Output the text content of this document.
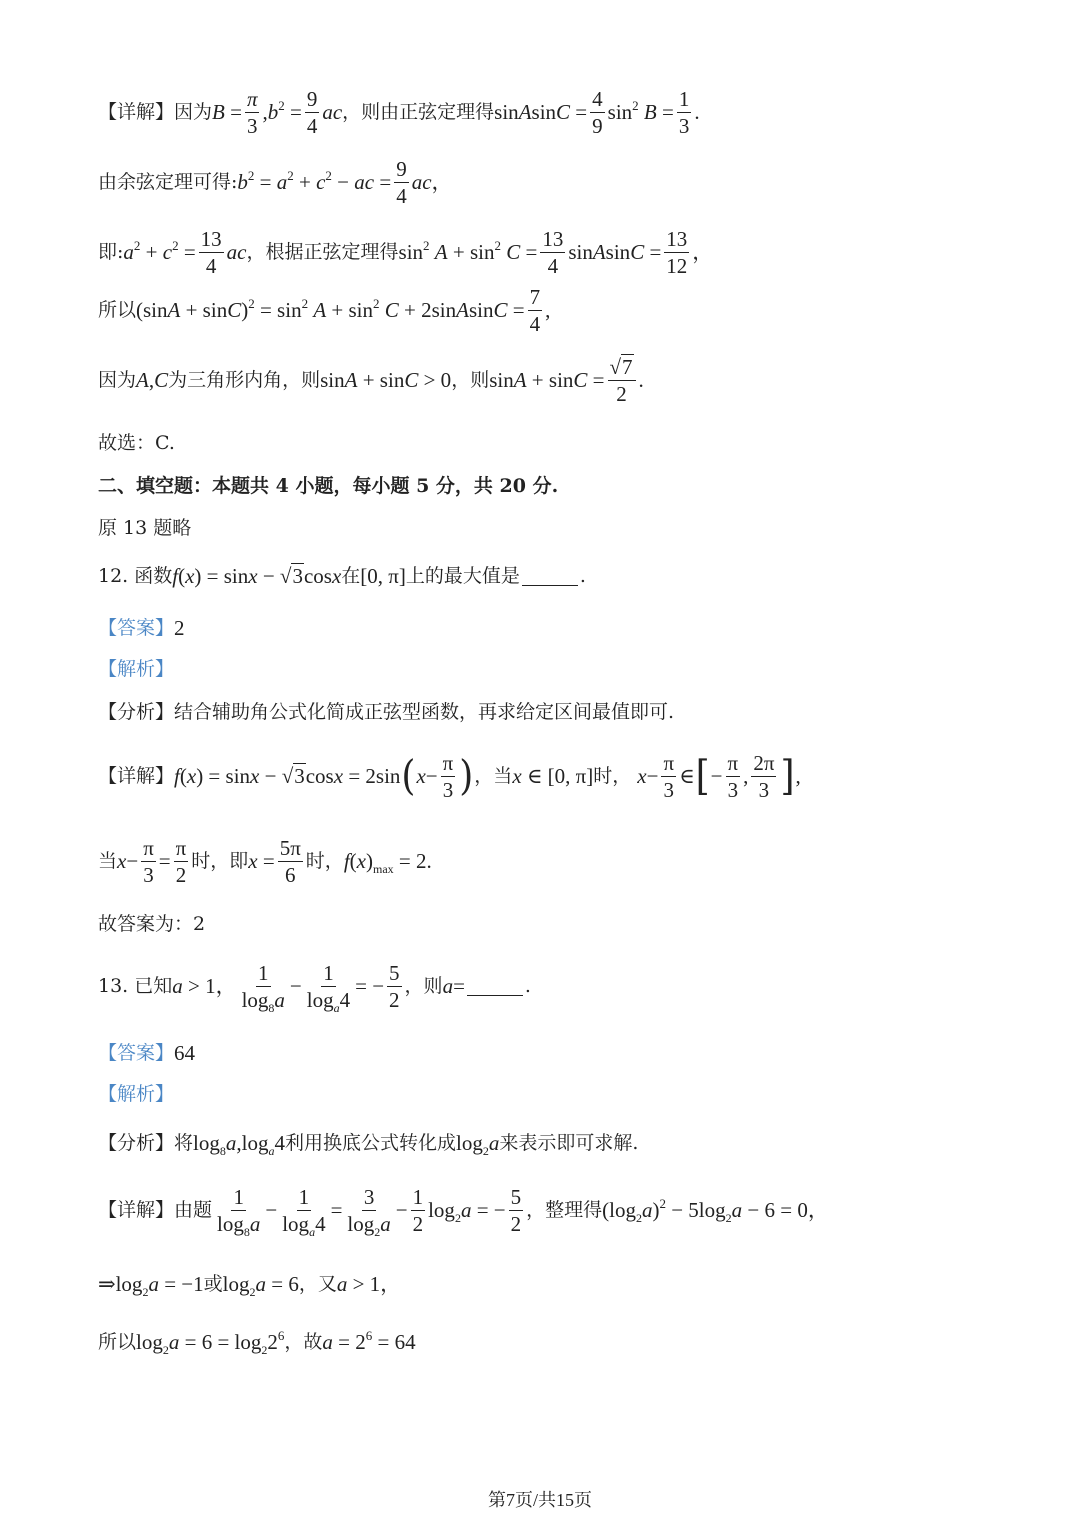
【详解】 因为 $B = \frac{\pi}{3} ,b^2 = \frac{9}{4}$ ac ，则由正弦定理得 sinAsinC = $\frac{4}{9} \sin^2 B = \frac{1}{3}$ .
由余弦定理可得: $b^2 = a^2 + c^2$ − ac = $\frac{9}{4}$ ac ，
即: $a^2 + c^2 = \frac{13}{4}$ ac ，根据正弦定理得 $\sin^2 A + \sin^2 C = \frac{13}{4}$ sinAsinC = $\frac{13}{12}$ ，
所以 $(\sin A + \sin C)^2 = \sin^2 A + \sin^2 C$ + 2sinAsinC = $\frac{7}{4}$ ,
因为 A , C 为三角形内角，则 sinA + sinC > 0 ，则 $\sin A + \sin C = \frac{√7}{2}$ .
故选：C.
二、填空题：本题共 4 小题，每小题 5 分，共 20 分.
原 13 题略
12. 函数 f(x) = sinx − √3cosx 在 [0, π] 上的最大值是	.
【答案】 2
【解析】
【分析】 结合辅助角公式化简成正弦型函数，再求给定区间最值即可.
【详解】 f(x) = sinx − √3cosx = 2sin ( $x - \frac{\pi}{3}$ ) ，当 x ∈ [0, π] 时， $x - \frac{\pi}{3}$ ∈ [ − $\frac{\pi}{3}$ , $\frac{2\pi}{3}$ ] ,
当 $x - \frac{\pi}{3} = \frac{\pi}{2}$ 时，即 $x = \frac{5\pi}{6}$ 时， $f(x)_{max} = 2$.
故答案为：2
13. 已知 a > 1， $\frac{1}{\log_8a} - \frac{1}{\log_a4}$ = − $\frac{5}{2}$ ，则 a =	.
【答案】 64
【解析】
【分析】 将 $\log_8a,\log_a4$ 利用换底公式转化成 $\log_2a$ 来表示即可求解.
【详解】 由题 $\frac{1}{\log_8a} - \frac{1}{\log_a4} = \frac{3}{\log_2a} - \frac{1}{2} \log_2a$ = − $\frac{5}{2}$ ，整理得 $(\log_2a)^2 - 5\log_2a - 6 = 0$，
$\Rightarrow\log_2a = -1$ 或 $\log_2a = 6$ ，又 a > 1，
所以 $\log_2a = 6 = \log_22^6$ ，故 $a = 2^6 = 64$
第7页/共15页
